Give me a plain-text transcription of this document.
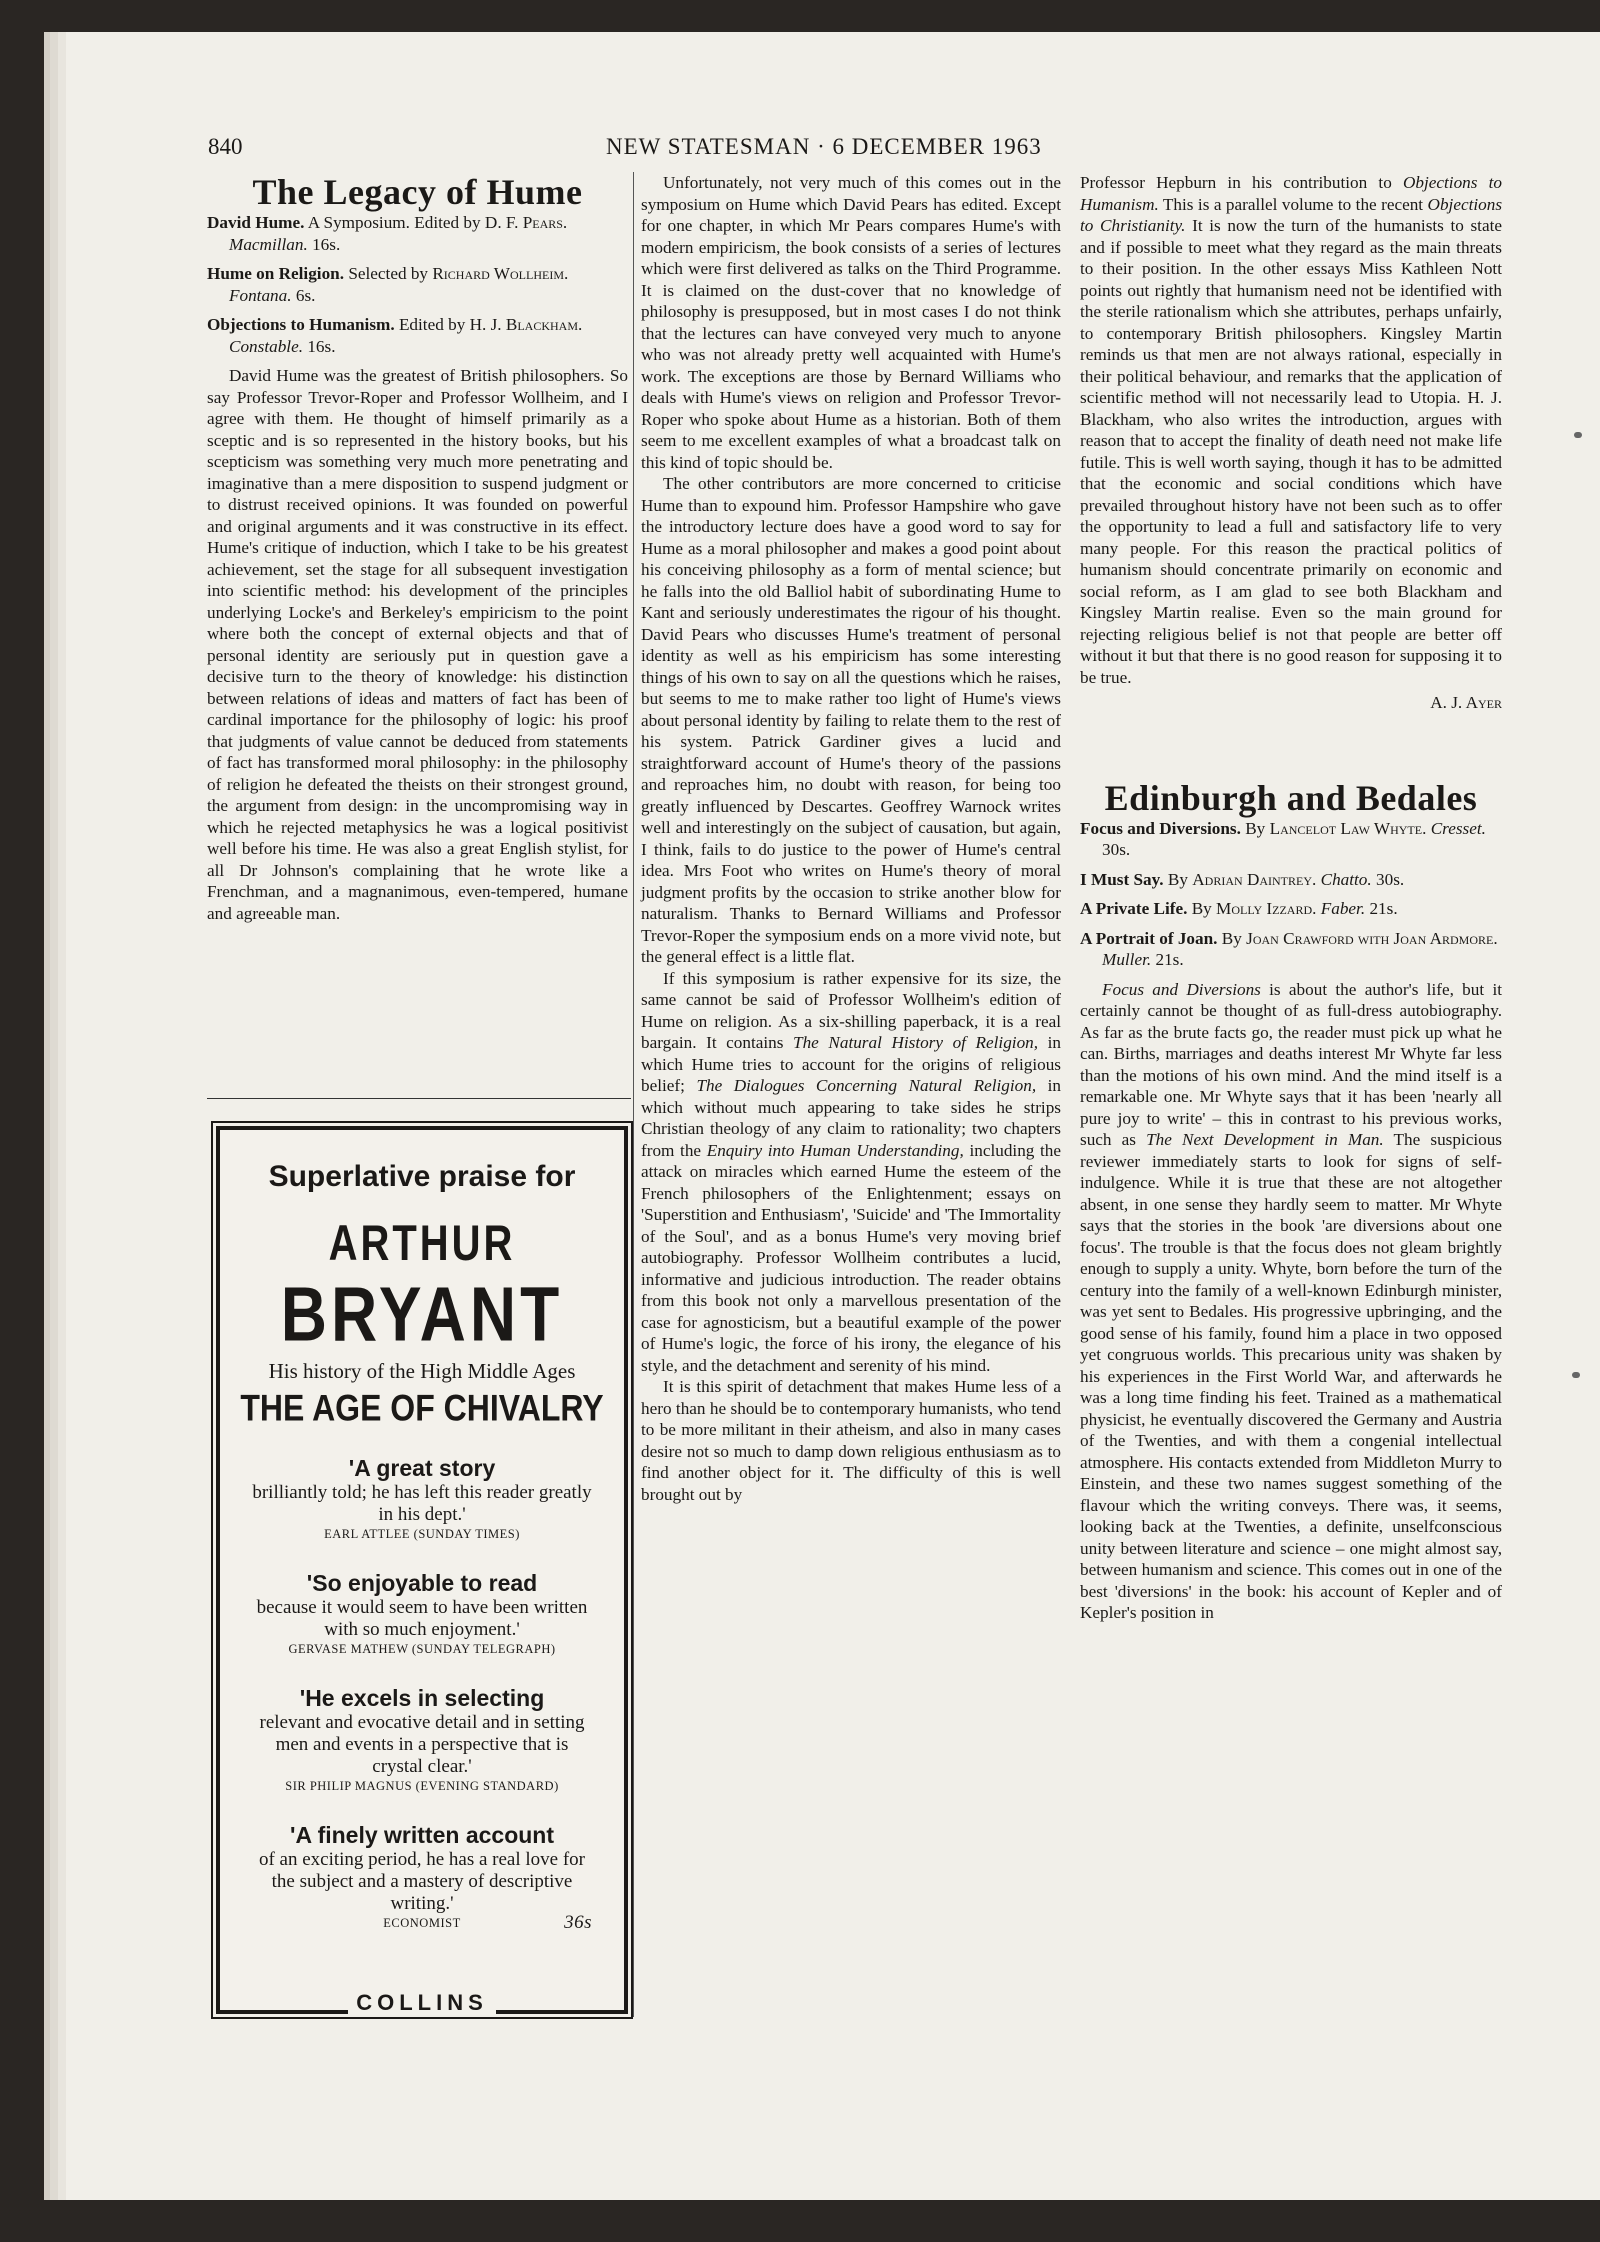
840	NEW STATESMAN · 6 DECEMBER 1963

The Legacy of Hume

David Hume. A Symposium. Edited by D. F. Pears. Macmillan. 16s.

Hume on Religion. Selected by Richard Wollheim. Fontana. 6s.

Objections to Humanism. Edited by H. J. Blackham. Constable. 16s.

David Hume was the greatest of British philosophers. So say Professor Trevor-Roper and Professor Wollheim, and I agree with them. He thought of himself primarily as a sceptic and is so represented in the history books, but his scepticism was something very much more penetrating and imaginative than a mere disposition to suspend judgment or to distrust received opinions. It was founded on powerful and original arguments and it was constructive in its effect. Hume's critique of induction, which I take to be his greatest achievement, set the stage for all subsequent investigation into scientific method: his development of the principles underlying Locke's and Berkeley's empiricism to the point where both the concept of external objects and that of personal identity are seriously put in question gave a decisive turn to the theory of knowledge: his distinction between relations of ideas and matters of fact has been of cardinal importance for the philosophy of logic: his proof that judgments of value cannot be deduced from statements of fact has transformed moral philosophy: in the philosophy of religion he defeated the theists on their strongest ground, the argument from design: in the uncompromising way in which he rejected metaphysics he was a logical positivist well before his time. He was also a great English stylist, for all Dr Johnson's complaining that he wrote like a Frenchman, and a magnanimous, even-tempered, humane and agreeable man.

Superlative praise for
ARTHUR
BRYANT
His history of the High Middle Ages
THE AGE OF CHIVALRY
'A great story
brilliantly told; he has left this reader greatly in his dept.'
EARL ATTLEE (SUNDAY TIMES)
'So enjoyable to read
because it would seem to have been written with so much enjoyment.'
GERVASE MATHEW (SUNDAY TELEGRAPH)
'He excels in selecting
relevant and evocative detail and in setting men and events in a perspective that is crystal clear.'
SIR PHILIP MAGNUS (EVENING STANDARD)
'A finely written account
of an exciting period, he has a real love for the subject and a mastery of descriptive writing.'
ECONOMIST	36s
COLLINS

Unfortunately, not very much of this comes out in the symposium on Hume which David Pears has edited. Except for one chapter, in which Mr Pears compares Hume's with modern empiricism, the book consists of a series of lectures which were first delivered as talks on the Third Programme. It is claimed on the dust-cover that no knowledge of philosophy is presupposed, but in most cases I do not think that the lectures can have conveyed very much to anyone who was not already pretty well acquainted with Hume's work. The exceptions are those by Bernard Williams who deals with Hume's views on religion and Professor Trevor-Roper who spoke about Hume as a historian. Both of them seem to me excellent examples of what a broadcast talk on this kind of topic should be.

The other contributors are more concerned to criticise Hume than to expound him. Professor Hampshire who gave the introductory lecture does have a good word to say for Hume as a moral philosopher and makes a good point about his conceiving philosophy as a form of mental science; but he falls into the old Balliol habit of subordinating Hume to Kant and seriously underestimates the rigour of his thought. David Pears who discusses Hume's treatment of personal identity as well as his empiricism has some interesting things of his own to say on all the questions which he raises, but seems to me to make rather too light of Hume's views about personal identity by failing to relate them to the rest of his system. Patrick Gardiner gives a lucid and straightforward account of Hume's theory of the passions and reproaches him, no doubt with reason, for being too greatly influenced by Descartes. Geoffrey Warnock writes well and interestingly on the subject of causation, but again, I think, fails to do justice to the power of Hume's central idea. Mrs Foot who writes on Hume's theory of moral judgment profits by the occasion to strike another blow for naturalism. Thanks to Bernard Williams and Professor Trevor-Roper the symposium ends on a more vivid note, but the general effect is a little flat.

If this symposium is rather expensive for its size, the same cannot be said of Professor Wollheim's edition of Hume on religion. As a six-shilling paperback, it is a real bargain. It contains The Natural History of Religion, in which Hume tries to account for the origins of religious belief; The Dialogues Concerning Natural Religion, in which without much appearing to take sides he strips Christian theology of any claim to rationality; two chapters from the Enquiry into Human Understanding, including the attack on miracles which earned Hume the esteem of the French philosophers of the Enlightenment; essays on 'Superstition and Enthusiasm', 'Suicide' and 'The Immortality of the Soul', and as a bonus Hume's very moving brief autobiography. Professor Wollheim contributes a lucid, informative and judicious introduction. The reader obtains from this book not only a marvellous presentation of the case for agnosticism, but a beautiful example of the power of Hume's logic, the force of his irony, the elegance of his style, and the detachment and serenity of his mind.

It is this spirit of detachment that makes Hume less of a hero than he should be to contemporary humanists, who tend to be more militant in their atheism, and also in many cases desire not so much to damp down religious enthusiasm as to find another object for it. The difficulty of this is well brought out by

Professor Hepburn in his contribution to Objections to Humanism. This is a parallel volume to the recent Objections to Christianity. It is now the turn of the humanists to state and if possible to meet what they regard as the main threats to their position. In the other essays Miss Kathleen Nott points out rightly that humanism need not be identified with the sterile rationalism which she attributes, perhaps unfairly, to contemporary British philosophers. Kingsley Martin reminds us that men are not always rational, especially in their political behaviour, and remarks that the application of scientific method will not necessarily lead to Utopia. H. J. Blackham, who also writes the introduction, argues with reason that to accept the finality of death need not make life futile. This is well worth saying, though it has to be admitted that the economic and social conditions which have prevailed throughout history have not been such as to offer the opportunity to lead a full and satisfactory life to very many people. For this reason the practical politics of humanism should concentrate primarily on economic and social reform, as I am glad to see both Blackham and Kingsley Martin realise. Even so the main ground for rejecting religious belief is not that people are better off without it but that there is no good reason for supposing it to be true.

A. J. Ayer

Edinburgh and Bedales

Focus and Diversions. By Lancelot Law Whyte. Cresset. 30s.

I Must Say. By Adrian Daintrey. Chatto. 30s.

A Private Life. By Molly Izzard. Faber. 21s.

A Portrait of Joan. By Joan Crawford with Joan Ardmore. Muller. 21s.

Focus and Diversions is about the author's life, but it certainly cannot be thought of as full-dress autobiography. As far as the brute facts go, the reader must pick up what he can. Births, marriages and deaths interest Mr Whyte far less than the motions of his own mind. And the mind itself is a remarkable one. Mr Whyte says that it has been 'nearly all pure joy to write' – this in contrast to his previous works, such as The Next Development in Man. The suspicious reviewer immediately starts to look for signs of self-indulgence. While it is true that these are not altogether absent, in one sense they hardly seem to matter. Mr Whyte says that the stories in the book 'are diversions about one focus'. The trouble is that the focus does not gleam brightly enough to supply a unity. Whyte, born before the turn of the century into the family of a well-known Edinburgh minister, was yet sent to Bedales. His progressive upbringing, and the good sense of his family, found him a place in two opposed yet congruous worlds. This precarious unity was shaken by his experiences in the First World War, and afterwards he was a long time finding his feet. Trained as a mathematical physicist, he eventually discovered the Germany and Austria of the Twenties, and with them a congenial intellectual atmosphere. His contacts extended from Middleton Murry to Einstein, and these two names suggest something of the flavour which the writing conveys. There was, it seems, looking back at the Twenties, a definite, unselfconscious unity between literature and science – one might almost say, between humanism and science. This comes out in one of the best 'diversions' in the book: his account of Kepler and of Kepler's position in
